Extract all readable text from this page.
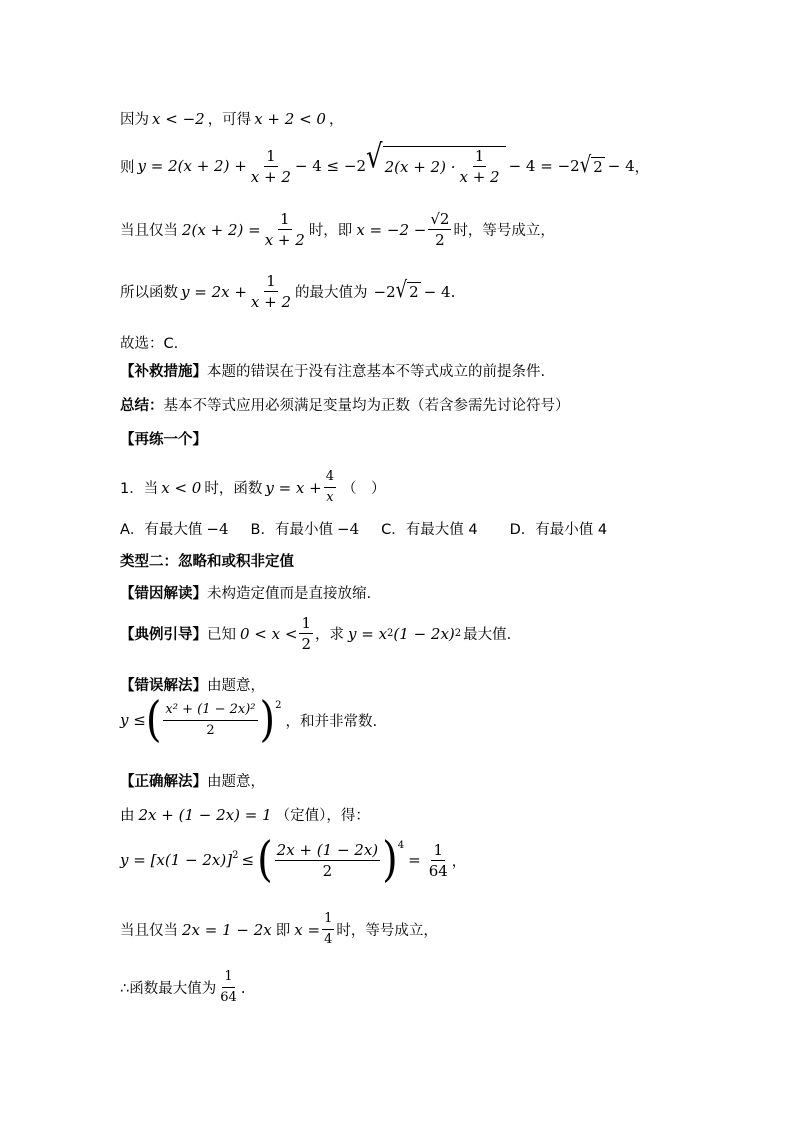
因为 x < −2 ，可得 x + 2 < 0 ，
则 $y = 2(x + 2) + \frac{1}{x + 2} - 4 \le -2$ √ $2(x + 2) \cdot \frac{1}{x + 2} - 4 = -2$ √ 2 − 4 ，
当且仅当 $2(x + 2) = \frac{1}{x + 2}$ 时，即 $x = -2 - \frac{√2}{2}$ 时，等号成立，
所以函数 $y = 2x + \frac{1}{x + 2}$ 的最大值为 −2 √ 2 − 4 .
故选：C.
【补救措施】 本题的错误在于没有注意基本不等式成立的前提条件.
总结： 基本不等式应用必须满足变量均为正数（若含参需先讨论符号）
【再练一个】
1．当 x < 0 时，函数 $y = x + \frac{4}{x}$ （　）
A．有最大值 −4 B．有最小值 −4 C．有最大值 4 D．有最小值 4
类型二：忽略和或积非定值
【错因解读】 未构造定值而是直接放缩.
【典例引导】 已知 $0 < x < \frac{1}{2}$ ，求 y = x 2 (1 − 2x) 2 最大值.
【错误解法】 由题意，
y ≤ ( $\frac{\text{x² + (1 − 2x)²}}{2} )^2$
，和并非常数.
【正确解法】 由题意，
由 2x + (1 − 2x) = 1 （定值），得：
$y = [x(1 - 2x)]^2$ ≤ ( $\frac{2x + (1 - 2x)}{2} )^4$
= $\frac{1}{64}$ ，
当且仅当 2x = 1 − 2x 即 $x = \frac{1}{4}$ 时，等号成立，
∴函数最大值为 $\frac{1}{64}$ .
